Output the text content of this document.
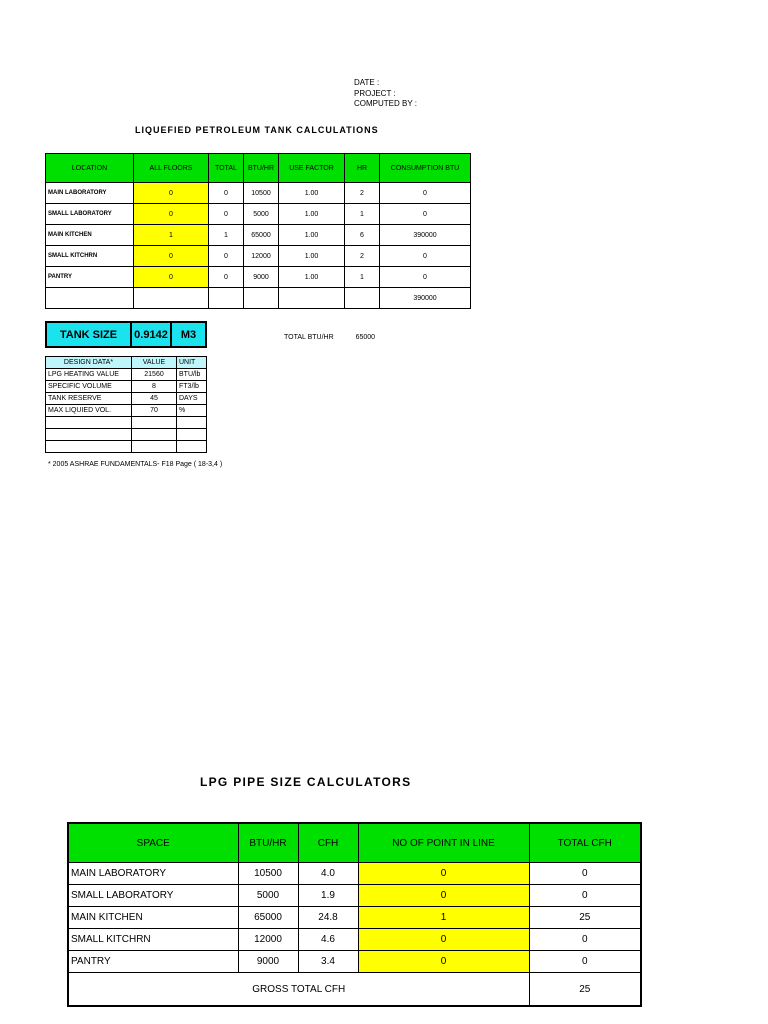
DATE :
PROJECT :
COMPUTED BY :
LIQUEFIED PETROLEUM TANK CALCULATIONS
LOCATION	ALL FLOORS	TOTAL	BTU/HR	USE FACTOR	HR	CONSUMPTION BTU
MAIN LABORATORY	0	0	10500	1.00	2	0
SMALL LABORATORY	0	0	5000	1.00	1	0
MAIN KITCHEN	1	1	65000	1.00	6	390000
SMALL KITCHRN	0	0	12000	1.00	2	0
PANTRY	0	0	9000	1.00	1	0
						390000
TANK SIZE	0.9142	M3	TOTAL BTU/HR	65000
DESIGN DATA*	VALUE	UNIT
LPG HEATING VALUE	21560	BTU/lb
SPECIFIC VOLUME	8	FT3/lb
TANK RESERVE	45	DAYS
MAX LIQUIED VOL.	70	%

* 2005 ASHRAE FUNDAMENTALS- F18 Page ( 18-3,4 )
LPG PIPE SIZE CALCULATORS
SPACE	BTU/HR	CFH	NO OF POINT IN LINE	TOTAL CFH
MAIN LABORATORY	10500	4.0	0	0
SMALL LABORATORY	5000	1.9	0	0
MAIN KITCHEN	65000	24.8	1	25
SMALL KITCHRN	12000	4.6	0	0
PANTRY	9000	3.4	0	0
GROSS TOTAL CFH				25
